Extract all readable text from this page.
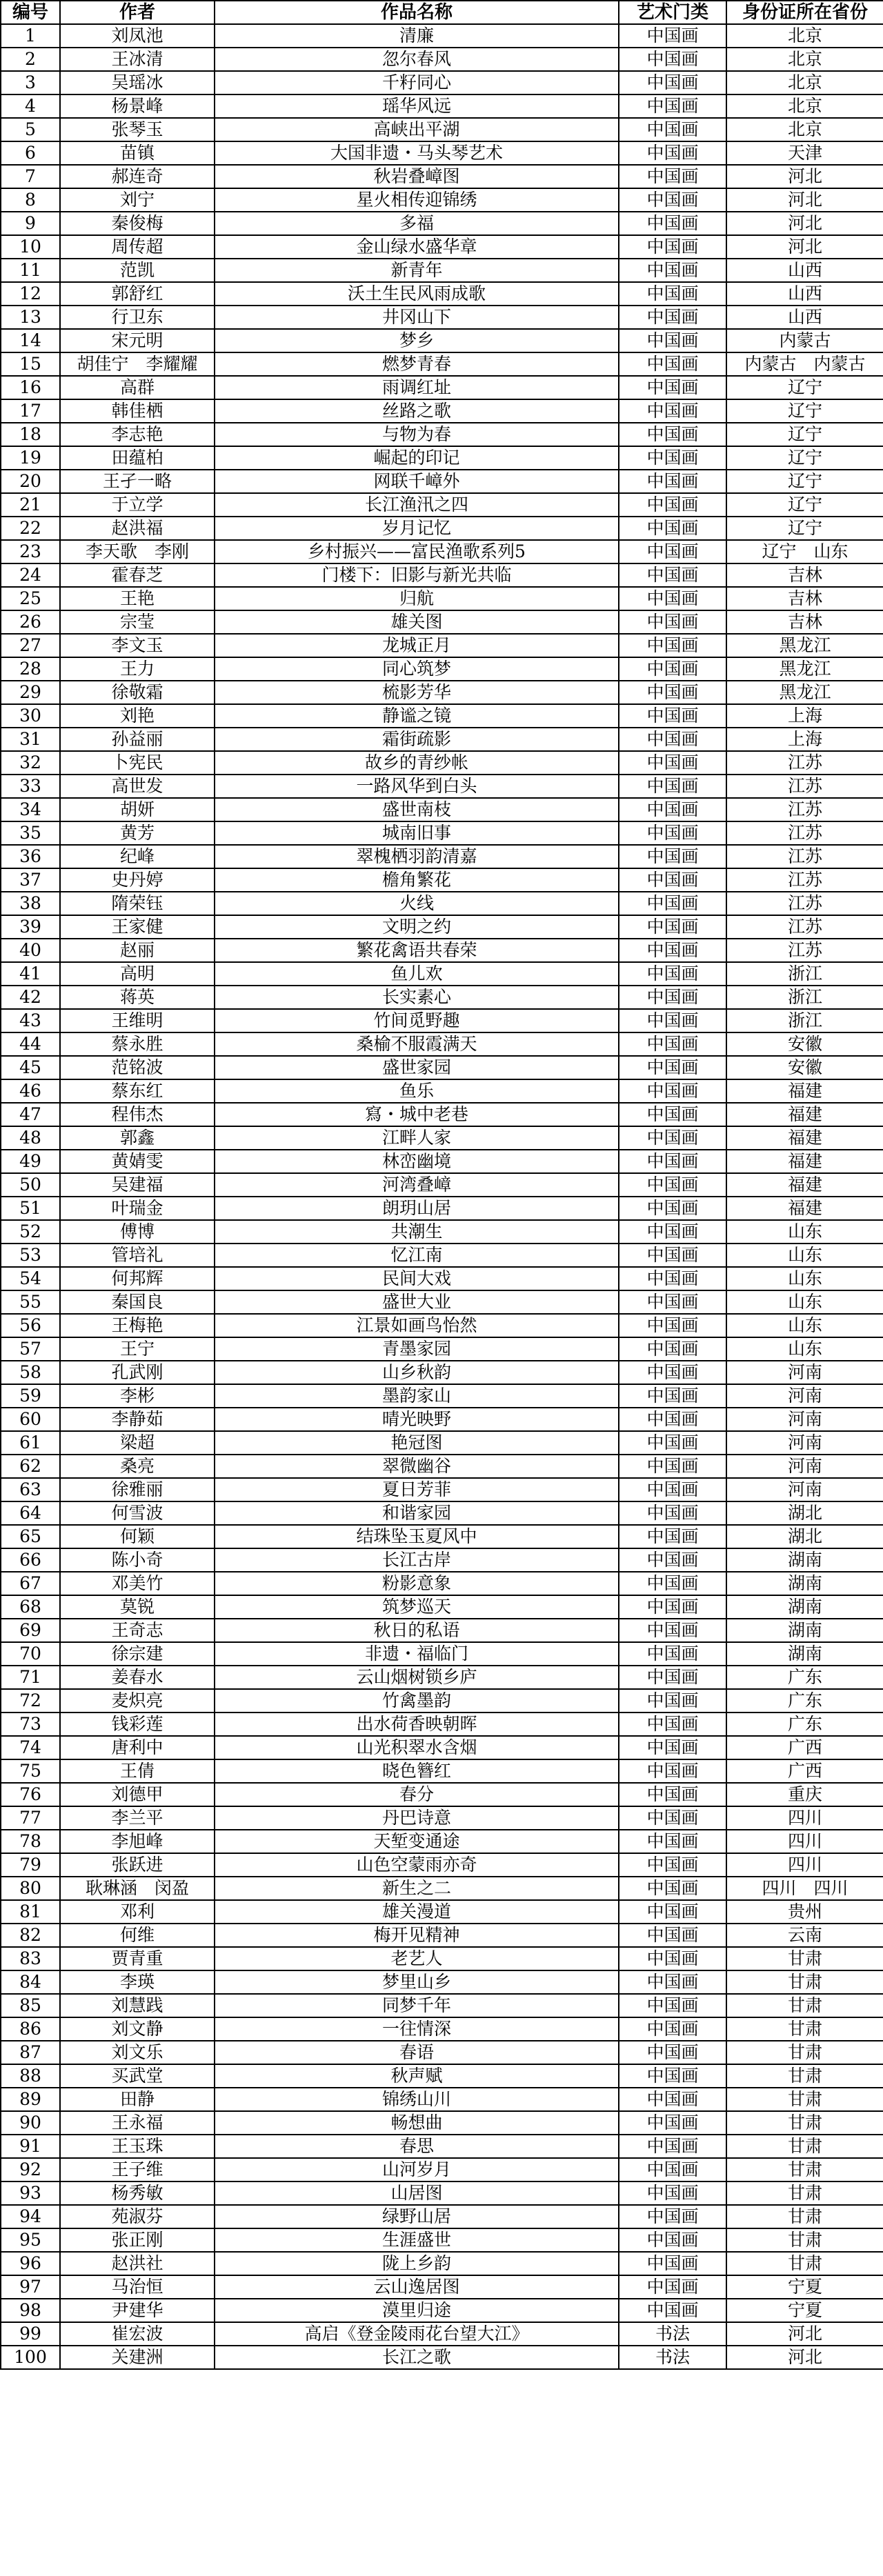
编号	作者	作品名称	艺术门类	身份证所在省份
1	刘凤池	清廉	中国画	北京
2	王冰清	忽尔春风	中国画	北京
3	吴瑶冰	千籽同心	中国画	北京
4	杨景峰	瑶华风远	中国画	北京
5	张琴玉	高峡出平湖	中国画	北京
6	苗镇	大国非遗・马头琴艺术	中国画	天津
7	郝连奇	秋岩叠嶂图	中国画	河北
8	刘宁	星火相传迎锦绣	中国画	河北
9	秦俊梅	多福	中国画	河北
10	周传超	金山绿水盛华章	中国画	河北
11	范凯	新青年	中国画	山西
12	郭舒红	沃土生民风雨成歌	中国画	山西
13	行卫东	井冈山下	中国画	山西
14	宋元明	梦乡	中国画	内蒙古
15	胡佳宁　李耀耀	燃梦青春	中国画	内蒙古　内蒙古
16	高群	雨调红址	中国画	辽宁
17	韩佳栖	丝路之歌	中国画	辽宁
18	李志艳	与物为春	中国画	辽宁
19	田蕴柏	崛起的印记	中国画	辽宁
20	王孑一略	网联千嶂外	中国画	辽宁
21	于立学	长江渔汛之四	中国画	辽宁
22	赵洪福	岁月记忆	中国画	辽宁
23	李天歌　李刚	乡村振兴——富民渔歌系列5	中国画	辽宁　山东
24	霍春芝	门楼下：旧影与新光共临	中国画	吉林
25	王艳	归航	中国画	吉林
26	宗莹	雄关图	中国画	吉林
27	李文玉	龙城正月	中国画	黑龙江
28	王力	同心筑梦	中国画	黑龙江
29	徐敬霜	梳影芳华	中国画	黑龙江
30	刘艳	静谧之镜	中国画	上海
31	孙益丽	霜街疏影	中国画	上海
32	卜宪民	故乡的青纱帐	中国画	江苏
33	高世发	一路风华到白头	中国画	江苏
34	胡妍	盛世南枝	中国画	江苏
35	黄芳	城南旧事	中国画	江苏
36	纪峰	翠槐栖羽韵清嘉	中国画	江苏
37	史丹婷	檐角繁花	中国画	江苏
38	隋荣钰	火线	中国画	江苏
39	王家健	文明之约	中国画	江苏
40	赵丽	繁花禽语共春荣	中国画	江苏
41	高明	鱼儿欢	中国画	浙江
42	蒋英	长实素心	中国画	浙江
43	王维明	竹间觅野趣	中国画	浙江
44	蔡永胜	桑榆不服霞满天	中国画	安徽
45	范铭波	盛世家园	中国画	安徽
46	蔡东红	鱼乐	中国画	福建
47	程伟杰	寫・城中老巷	中国画	福建
48	郭鑫	江畔人家	中国画	福建
49	黄婧雯	林峦幽境	中国画	福建
50	吴建福	河湾叠嶂	中国画	福建
51	叶瑞金	朗玥山居	中国画	福建
52	傅博	共潮生	中国画	山东
53	管培礼	忆江南	中国画	山东
54	何邦辉	民间大戏	中国画	山东
55	秦国良	盛世大业	中国画	山东
56	王梅艳	江景如画鸟怡然	中国画	山东
57	王宁	青墨家园	中国画	山东
58	孔武刚	山乡秋韵	中国画	河南
59	李彬	墨韵家山	中国画	河南
60	李静茹	晴光映野	中国画	河南
61	梁超	艳冠图	中国画	河南
62	桑亮	翠微幽谷	中国画	河南
63	徐雅丽	夏日芳菲	中国画	河南
64	何雪波	和谐家园	中国画	湖北
65	何颖	结珠坠玉夏风中	中国画	湖北
66	陈小奇	长江古岸	中国画	湖南
67	邓美竹	粉影意象	中国画	湖南
68	莫锐	筑梦巡天	中国画	湖南
69	王奇志	秋日的私语	中国画	湖南
70	徐宗建	非遗・福临门	中国画	湖南
71	姜春水	云山烟树锁乡庐	中国画	广东
72	麦炽亮	竹禽墨韵	中国画	广东
73	钱彩莲	出水荷香映朝晖	中国画	广东
74	唐利中	山光积翠水含烟	中国画	广西
75	王倩	晓色簪红	中国画	广西
76	刘德甲	春分	中国画	重庆
77	李兰平	丹巴诗意	中国画	四川
78	李旭峰	天堑变通途	中国画	四川
79	张跃进	山色空蒙雨亦奇	中国画	四川
80	耿琳涵　闵盈	新生之二	中国画	四川　四川
81	邓利	雄关漫道	中国画	贵州
82	何维	梅开见精神	中国画	云南
83	贾青重	老艺人	中国画	甘肃
84	李瑛	梦里山乡	中国画	甘肃
85	刘慧践	同梦千年	中国画	甘肃
86	刘文静	一往情深	中国画	甘肃
87	刘文乐	春语	中国画	甘肃
88	买武堂	秋声赋	中国画	甘肃
89	田静	锦绣山川	中国画	甘肃
90	王永福	畅想曲	中国画	甘肃
91	王玉珠	春思	中国画	甘肃
92	王子维	山河岁月	中国画	甘肃
93	杨秀敏	山居图	中国画	甘肃
94	苑淑芬	绿野山居	中国画	甘肃
95	张正刚	生涯盛世	中国画	甘肃
96	赵洪社	陇上乡韵	中国画	甘肃
97	马治恒	云山逸居图	中国画	宁夏
98	尹建华	漠里归途	中国画	宁夏
99	崔宏波	高启《登金陵雨花台望大江》	书法	河北
100	关建洲	长江之歌	书法	河北
